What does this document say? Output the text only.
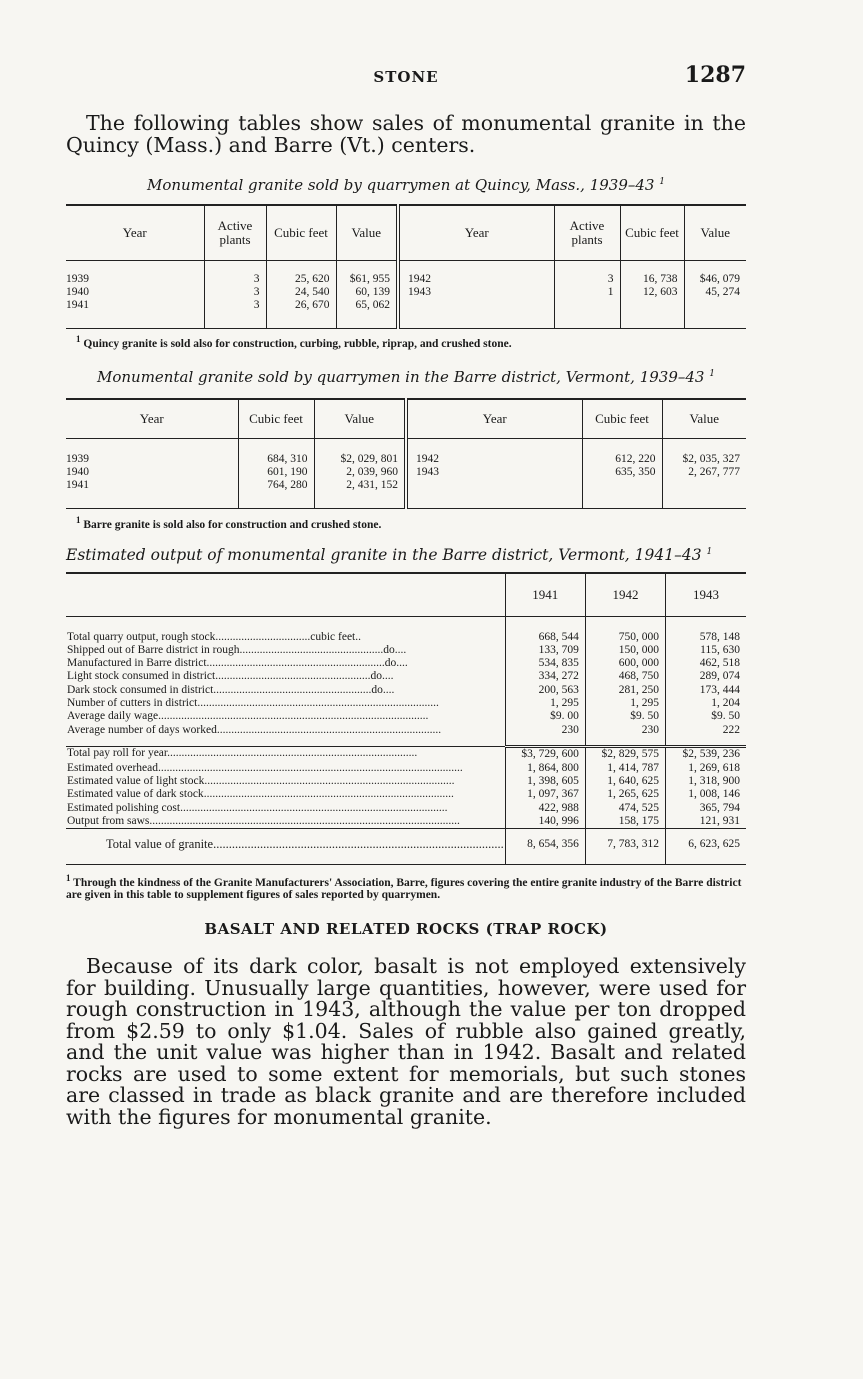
STONE	1287

The following tables show sales of monumental granite in the Quincy (Mass.) and Barre (Vt.) centers.

Monumental granite sold by quarrymen at Quincy, Mass., 1939–43 $^1$
Year	Active plants	Cubic feet	Value	Year	Active plants	Cubic feet	Value

1939	3	25, 620	$61, 955	1942	3	16, 738	$46, 079
1940	3	24, 540	60, 139	1943	1	12, 603	45, 274
1941	3	26, 670	65, 062				

$^1$ Quincy granite is sold also for construction, curbing, rubble, riprap, and crushed stone.
Monumental granite sold by quarrymen in the Barre district, Vermont, 1939–43 $^1$
Year	Cubic feet	Value	Year	Cubic feet	Value

1939	684, 310	$2, 029, 801	1942	612, 220	$2, 035, 327
1940	601, 190	2, 039, 960	1943	635, 350	2, 267, 777
1941	764, 280	2, 431, 152			

$^1$ Barre granite is sold also for construction and crushed stone.
Estimated output of monumental granite in the Barre district, Vermont, 1941–43 $^1$
	1941	1942	1943

Total quarry output, rough stock.................................cubic feet..	668, 544	750, 000	578, 148
Shipped out of Barre district in rough..................................................do....	133, 709	150, 000	115, 630
Manufactured in Barre district..............................................................do....	534, 835	600, 000	462, 518
Light stock consumed in district......................................................do....	334, 272	468, 750	289, 074
Dark stock consumed in district.......................................................do....	200, 563	281, 250	173, 444
Number of cutters in district....................................................................................	1, 295	1, 295	1, 204
Average daily wage..............................................................................................	$9. 00	$9. 50	$9. 50
Average number of days worked..............................................................................	230	230	222

Total pay roll for year.......................................................................................	$3, 729, 600	$2, 829, 575	$2, 539, 236
Estimated overhead..........................................................................................................	1, 864, 800	1, 414, 787	1, 269, 618
Estimated value of light stock.......................................................................................	1, 398, 605	1, 640, 625	1, 318, 900
Estimated value of dark stock.......................................................................................	1, 097, 367	1, 265, 625	1, 008, 146
Estimated polishing cost.............................................................................................	422, 988	474, 525	365, 794
Output from saws............................................................................................................	140, 996	158, 175	121, 931
Total value of granite.............................................................................................	8, 654, 356	7, 783, 312	6, 623, 625
$^1$ Through the kindness of the Granite Manufacturers' Association, Barre, figures covering the entire granite industry of the Barre district are given in this table to supplement figures of sales reported by quarrymen.
BASALT AND RELATED ROCKS (TRAP ROCK)

Because of its dark color, basalt is not employed extensively for building. Unusually large quantities, however, were used for rough construction in 1943, although the value per ton dropped from $2.59 to only $1.04. Sales of rubble also gained greatly, and the unit value was higher than in 1942. Basalt and related rocks are used to some extent for memorials, but such stones are classed in trade as black granite and are therefore included with the figures for monumental granite.
